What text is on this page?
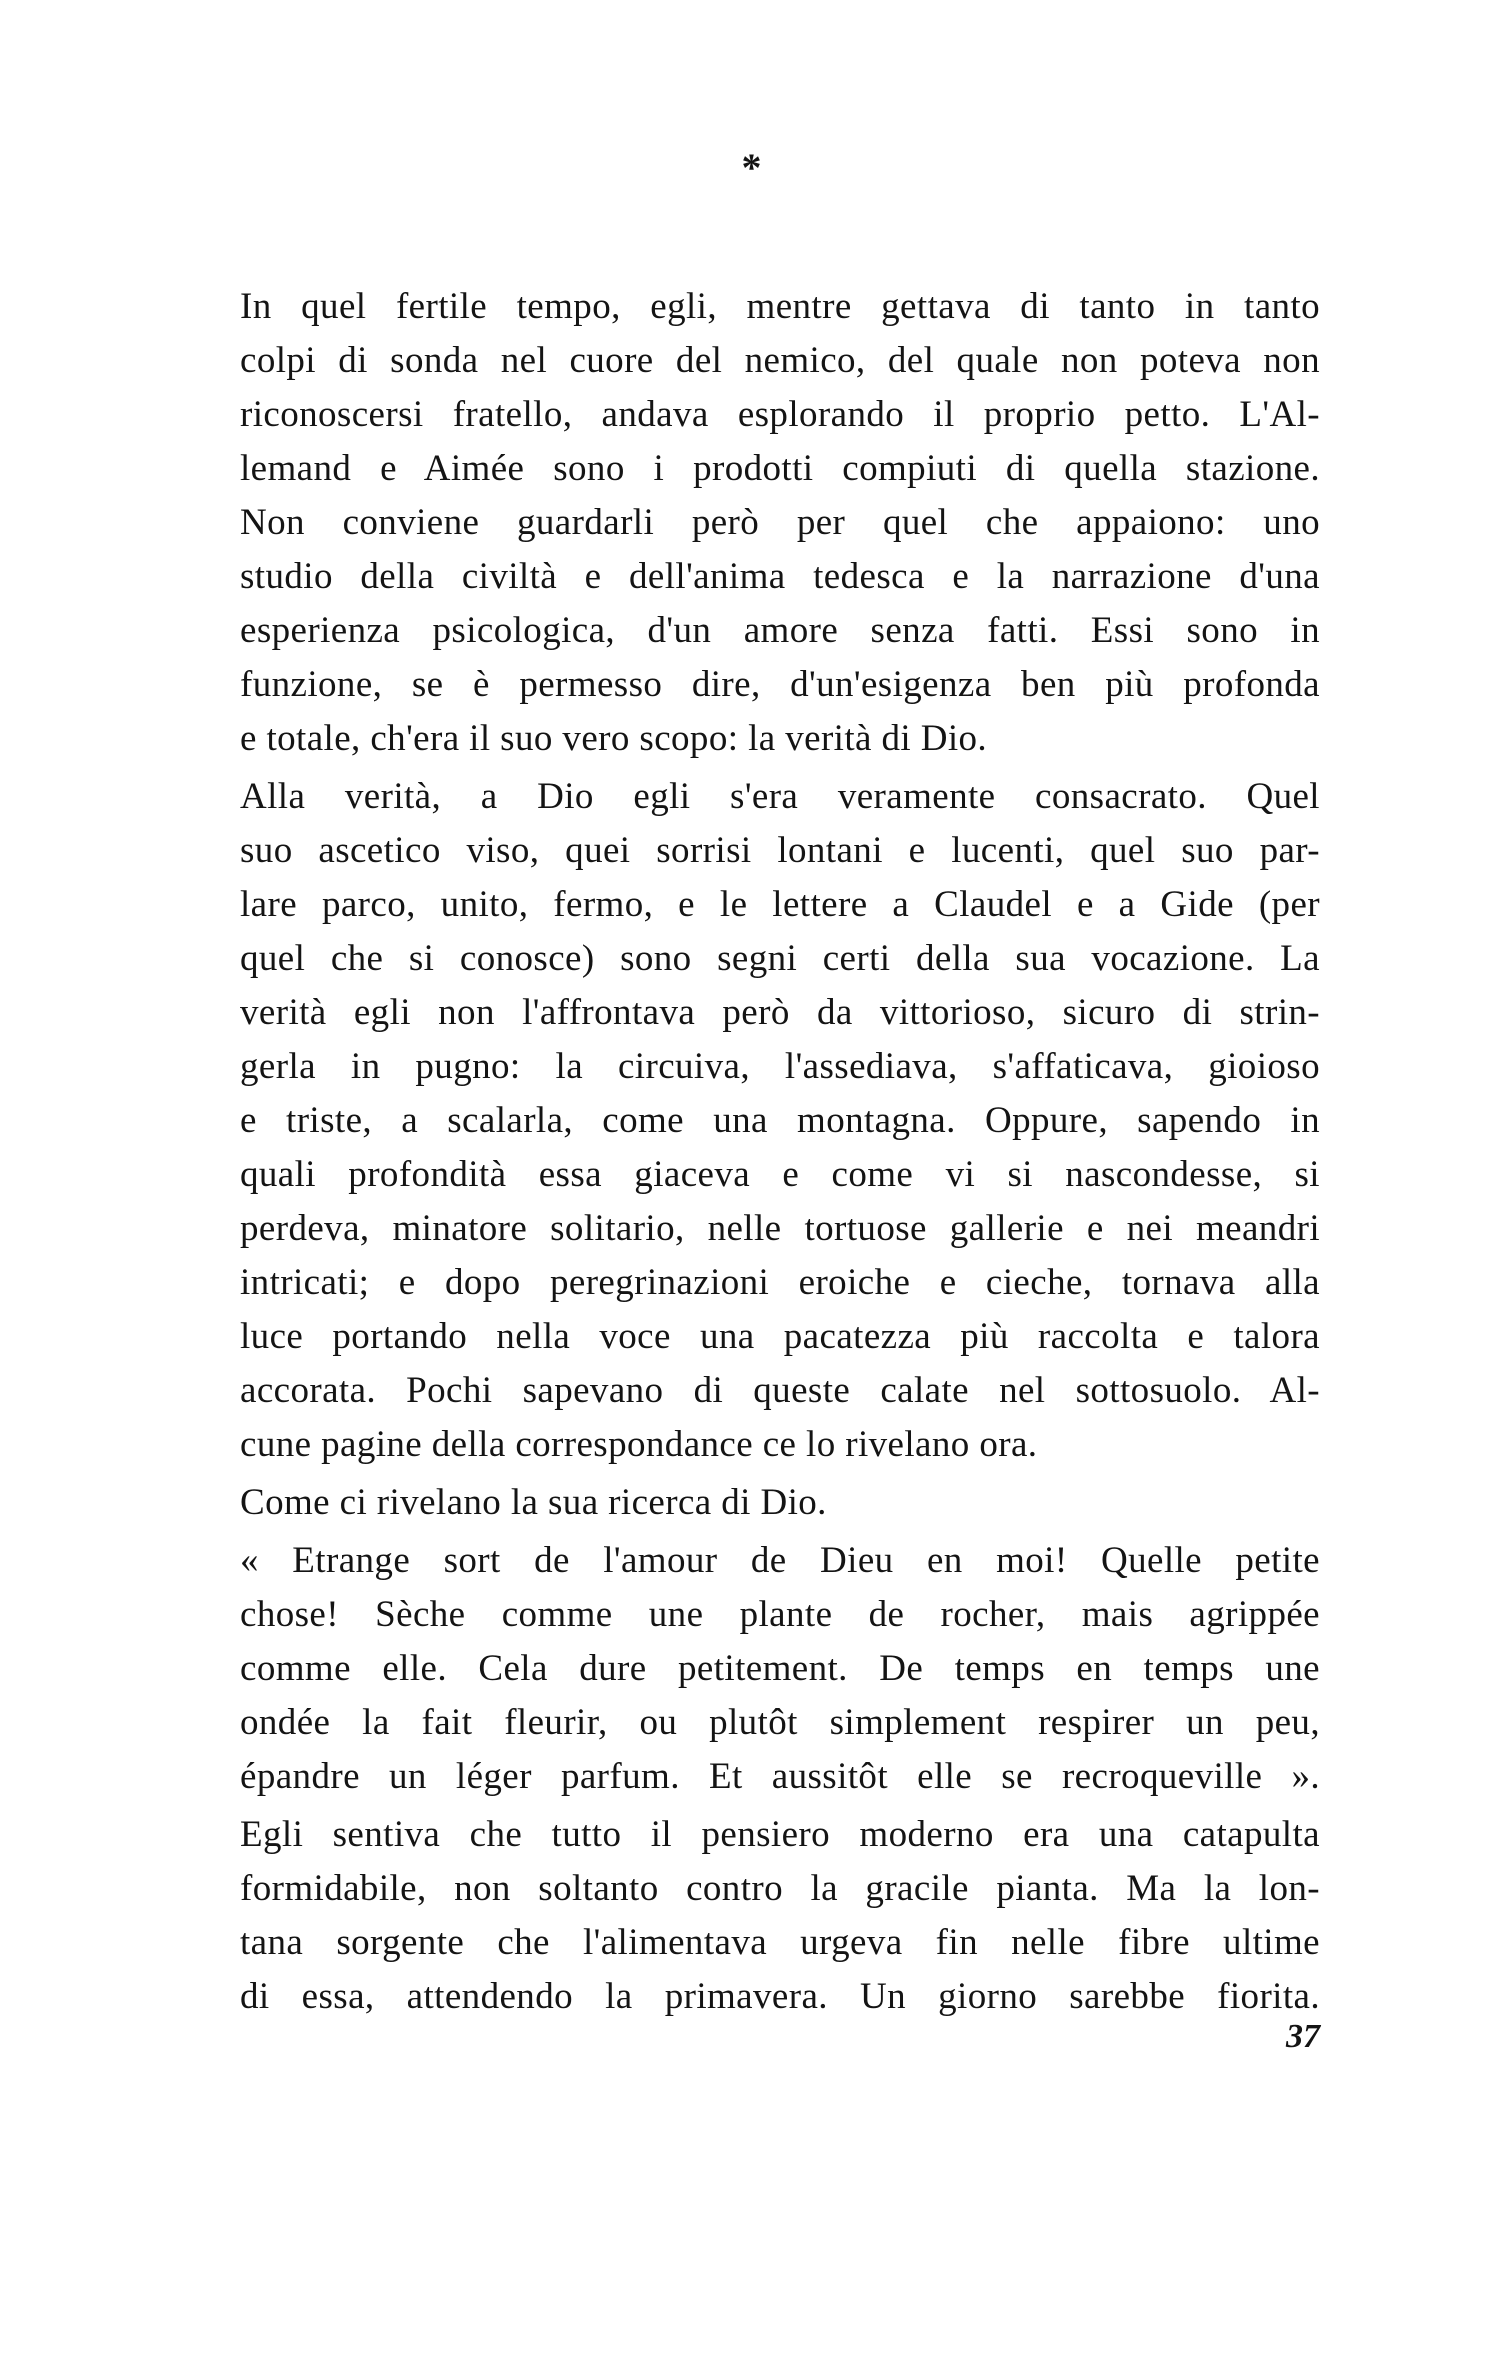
*
In quel fertile tempo, egli, mentre gettava di tanto in tanto
colpi di sonda nel cuore del nemico, del quale non poteva non
riconoscersi fratello, andava esplorando il proprio petto. L'Al-
lemand e Aimée sono i prodotti compiuti di quella stazione.
Non conviene guardarli però per quel che appaiono: uno
studio della civiltà e dell'anima tedesca e la narrazione d'una
esperienza psicologica, d'un amore senza fatti. Essi sono in
funzione, se è permesso dire, d'un'esigenza ben più profonda
e totale, ch'era il suo vero scopo: la verità di Dio.
Alla verità, a Dio egli s'era veramente consacrato. Quel
suo ascetico viso, quei sorrisi lontani e lucenti, quel suo par-
lare parco, unito, fermo, e le lettere a Claudel e a Gide (per
quel che si conosce) sono segni certi della sua vocazione. La
verità egli non l'affrontava però da vittorioso, sicuro di strin-
gerla in pugno: la circuiva, l'assediava, s'affaticava, gioioso
e triste, a scalarla, come una montagna. Oppure, sapendo in
quali profondità essa giaceva e come vi si nascondesse, si
perdeva, minatore solitario, nelle tortuose gallerie e nei meandri
intricati; e dopo peregrinazioni eroiche e cieche, tornava alla
luce portando nella voce una pacatezza più raccolta e talora
accorata. Pochi sapevano di queste calate nel sottosuolo. Al-
cune pagine della correspondance ce lo rivelano ora.
Come ci rivelano la sua ricerca di Dio.
« Etrange sort de l'amour de Dieu en moi! Quelle petite
chose! Sèche comme une plante de rocher, mais agrippée
comme elle. Cela dure petitement. De temps en temps une
ondée la fait fleurir, ou plutôt simplement respirer un peu,
épandre un léger parfum. Et aussitôt elle se recroqueville ».
Egli sentiva che tutto il pensiero moderno era una catapulta
formidabile, non soltanto contro la gracile pianta. Ma la lon-
tana sorgente che l'alimentava urgeva fin nelle fibre ultime
di essa, attendendo la primavera. Un giorno sarebbe fiorita.
37
